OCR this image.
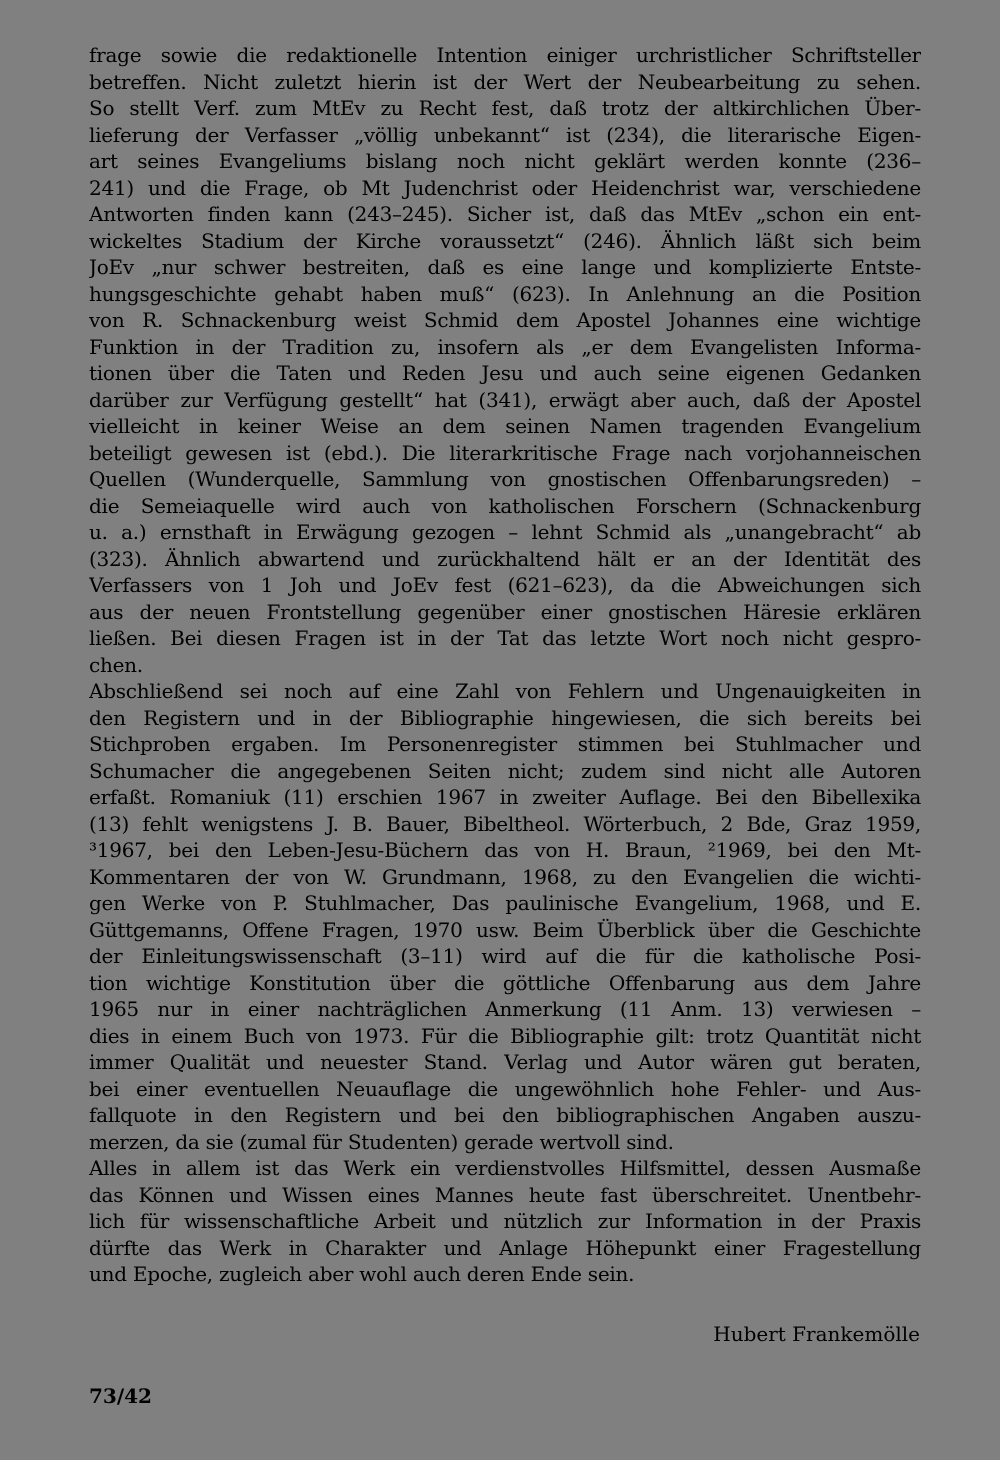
frage sowie die redaktionelle Intention einiger urchristlicher Schriftsteller
betreffen. Nicht zuletzt hierin ist der Wert der Neubearbeitung zu sehen.
So stellt Verf. zum MtEv zu Recht fest, daß trotz der altkirchlichen Über-
lieferung der Verfasser „völlig unbekannt“ ist (234), die literarische Eigen-
art seines Evangeliums bislang noch nicht geklärt werden konnte (236–
241) und die Frage, ob Mt Judenchrist oder Heidenchrist war, verschiedene
Antworten finden kann (243–245). Sicher ist, daß das MtEv „schon ein ent-
wickeltes Stadium der Kirche voraussetzt“ (246). Ähnlich läßt sich beim
JoEv „nur schwer bestreiten, daß es eine lange und komplizierte Entste-
hungsgeschichte gehabt haben muß“ (623). In Anlehnung an die Position
von R. Schnackenburg weist Schmid dem Apostel Johannes eine wichtige
Funktion in der Tradition zu, insofern als „er dem Evangelisten Informa-
tionen über die Taten und Reden Jesu und auch seine eigenen Gedanken
darüber zur Verfügung gestellt“ hat (341), erwägt aber auch, daß der Apostel
vielleicht in keiner Weise an dem seinen Namen tragenden Evangelium
beteiligt gewesen ist (ebd.). Die literarkritische Frage nach vorjohanneischen
Quellen (Wunderquelle, Sammlung von gnostischen Offenbarungsreden) –
die Semeiaquelle wird auch von katholischen Forschern (Schnackenburg
u. a.) ernsthaft in Erwägung gezogen – lehnt Schmid als „unangebracht“ ab
(323). Ähnlich abwartend und zurückhaltend hält er an der Identität des
Verfassers von 1 Joh und JoEv fest (621–623), da die Abweichungen sich
aus der neuen Frontstellung gegenüber einer gnostischen Häresie erklären
ließen. Bei diesen Fragen ist in der Tat das letzte Wort noch nicht gespro-
chen.
Abschließend sei noch auf eine Zahl von Fehlern und Ungenauigkeiten in
den Registern und in der Bibliographie hingewiesen, die sich bereits bei
Stichproben ergaben. Im Personenregister stimmen bei Stuhlmacher und
Schumacher die angegebenen Seiten nicht; zudem sind nicht alle Autoren
erfaßt. Romaniuk (11) erschien 1967 in zweiter Auflage. Bei den Bibellexika
(13) fehlt wenigstens J. B. Bauer, Bibeltheol. Wörterbuch, 2 Bde, Graz 1959,
³1967, bei den Leben-Jesu-Büchern das von H. Braun, ²1969, bei den Mt-
Kommentaren der von W. Grundmann, 1968, zu den Evangelien die wichti-
gen Werke von P. Stuhlmacher, Das paulinische Evangelium, 1968, und E.
Güttgemanns, Offene Fragen, 1970 usw. Beim Überblick über die Geschichte
der Einleitungswissenschaft (3–11) wird auf die für die katholische Posi-
tion wichtige Konstitution über die göttliche Offenbarung aus dem Jahre
1965 nur in einer nachträglichen Anmerkung (11 Anm. 13) verwiesen –
dies in einem Buch von 1973. Für die Bibliographie gilt: trotz Quantität nicht
immer Qualität und neuester Stand. Verlag und Autor wären gut beraten,
bei einer eventuellen Neuauflage die ungewöhnlich hohe Fehler- und Aus-
fallquote in den Registern und bei den bibliographischen Angaben auszu-
merzen, da sie (zumal für Studenten) gerade wertvoll sind.
Alles in allem ist das Werk ein verdienstvolles Hilfsmittel, dessen Ausmaße
das Können und Wissen eines Mannes heute fast überschreitet. Unentbehr-
lich für wissenschaftliche Arbeit und nützlich zur Information in der Praxis
dürfte das Werk in Charakter und Anlage Höhepunkt einer Fragestellung
und Epoche, zugleich aber wohl auch deren Ende sein.
Hubert Frankemölle
73/42
